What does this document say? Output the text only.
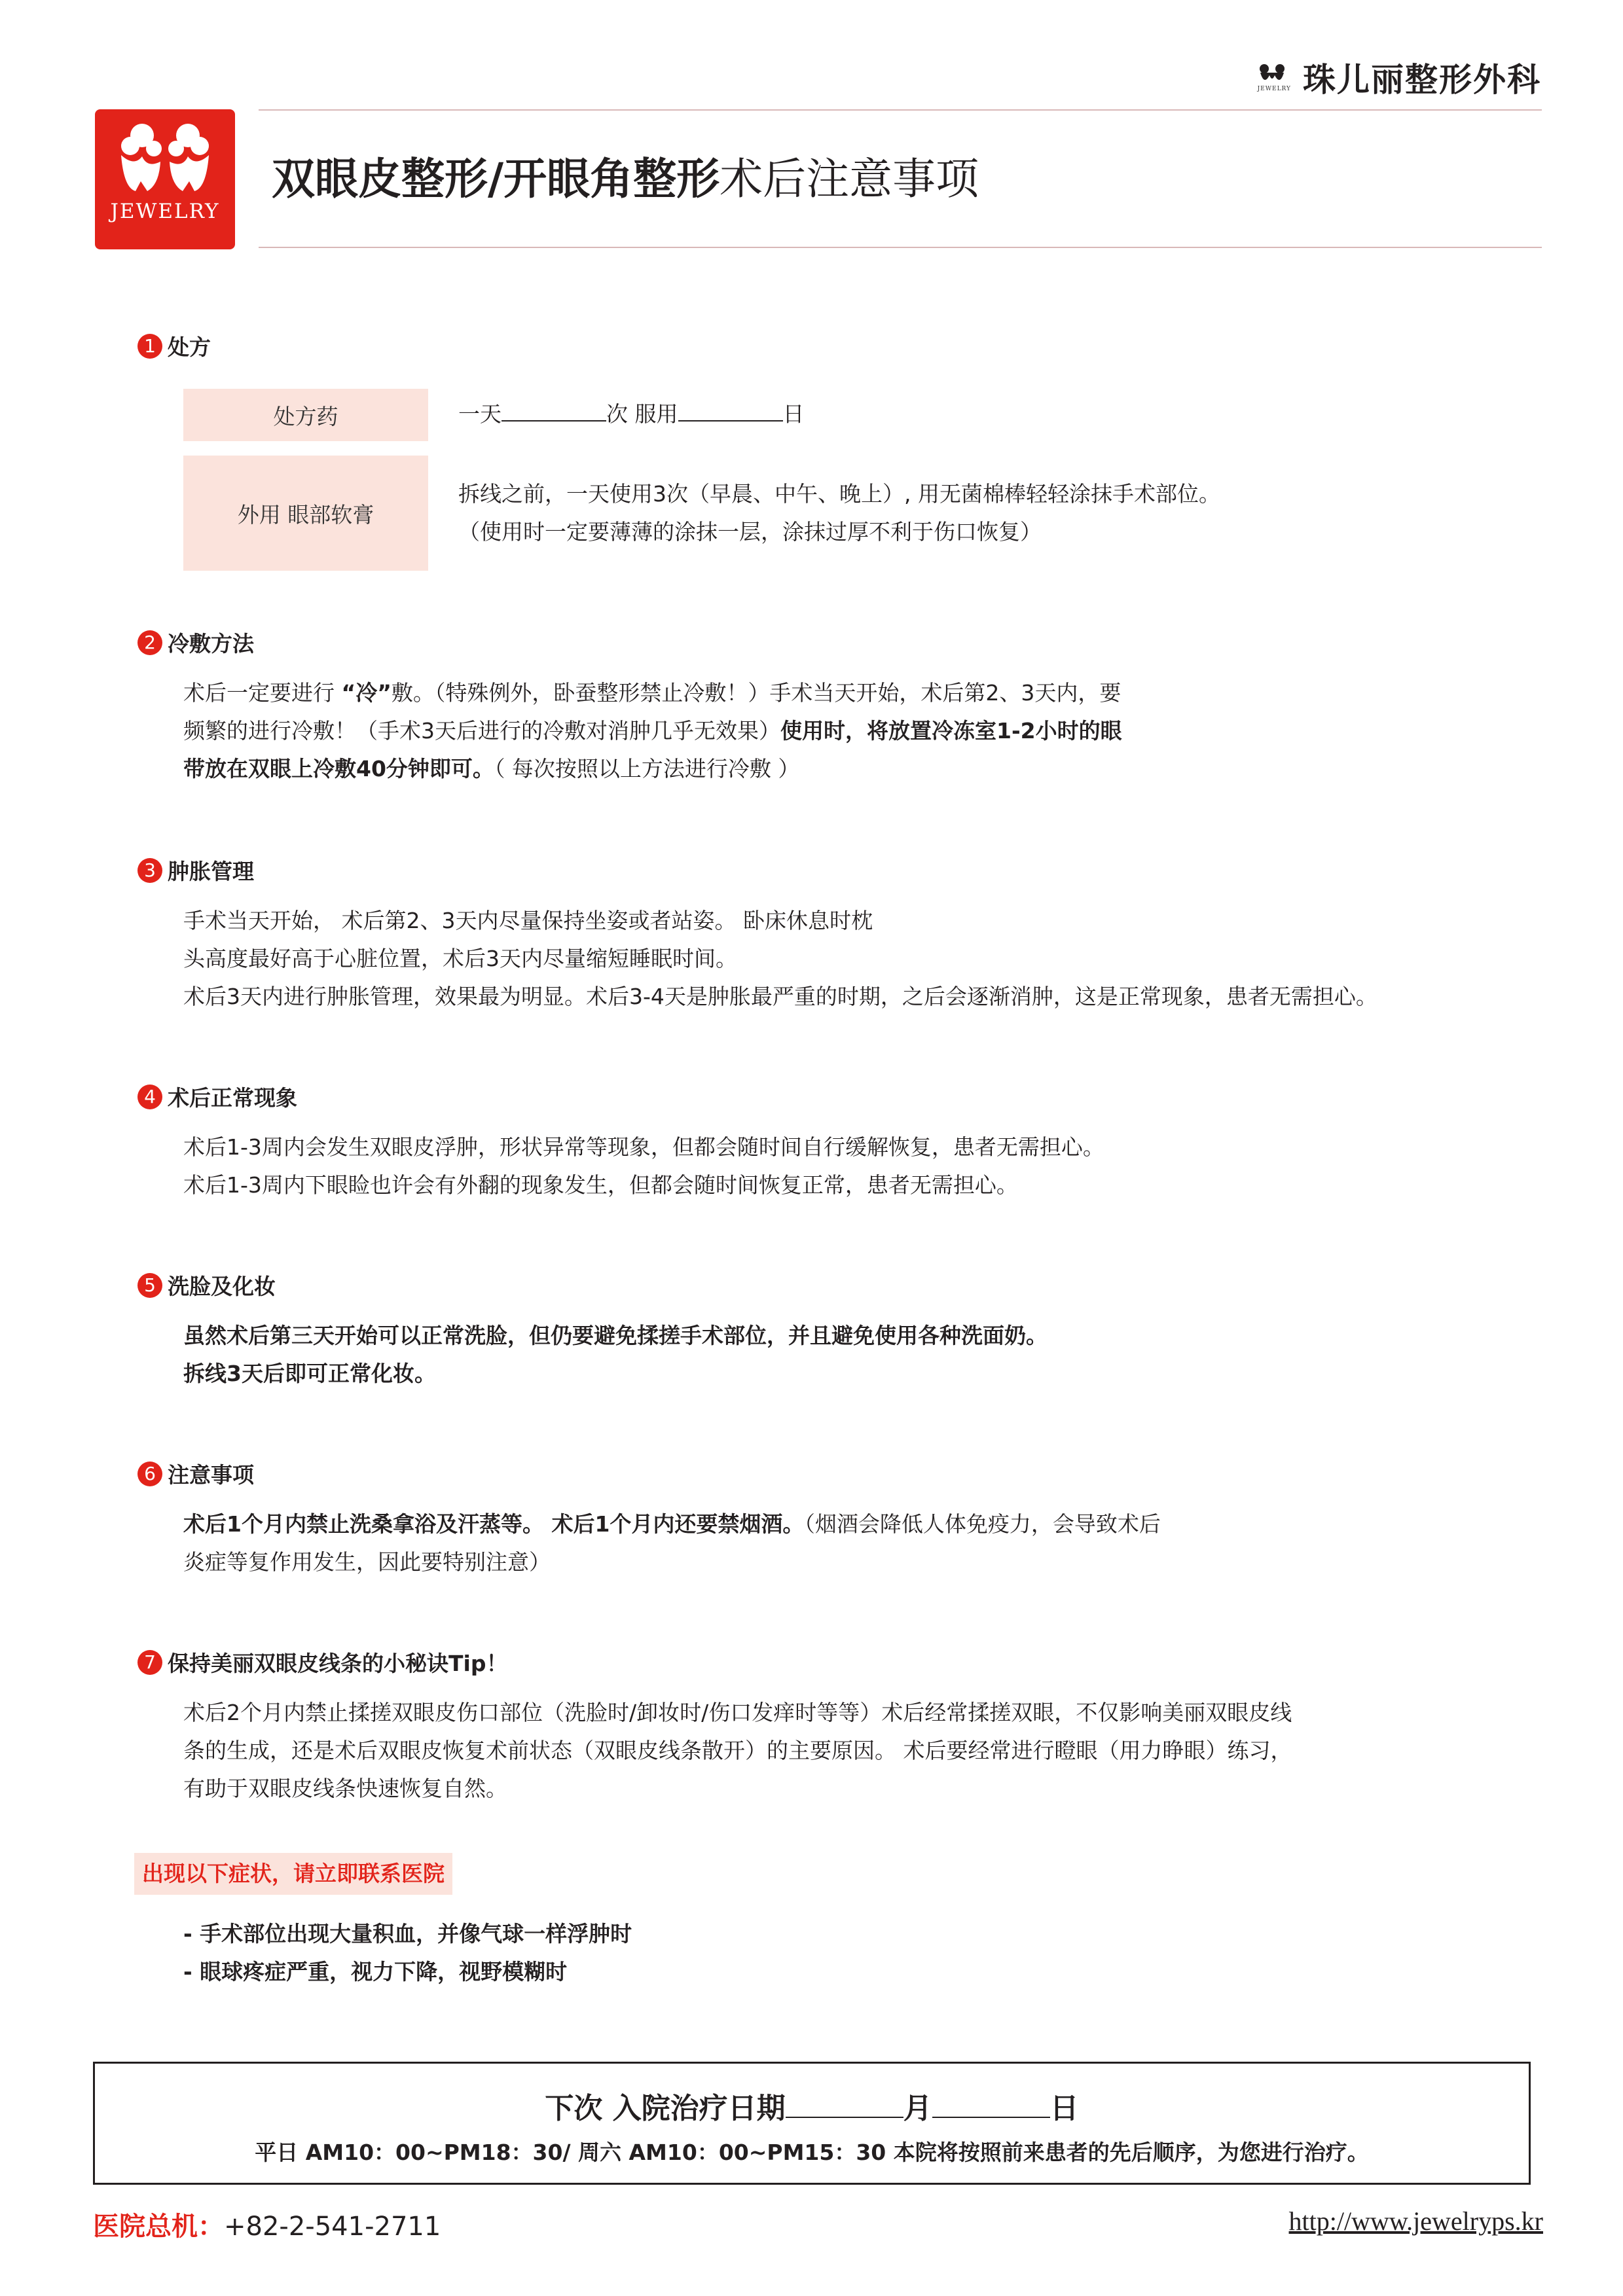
JEWELRY 珠儿丽整形外科
JEWELRY
双眼皮整形/开眼角整形术后注意事项
1 处方
处方药	一天	次 服用	日
外用 眼部软膏
拆线之前，一天使用3次（早晨、中午、晚上）, 用无菌棉棒轻轻涂抹手术部位。
（使用时一定要薄薄的涂抹一层，涂抹过厚不利于伤口恢复）
2 冷敷方法
术后一定要进行 “冷”敷。（特殊例外，卧蚕整形禁止冷敷！）手术当天开始，术后第2、3天内，要
频繁的进行冷敷！（手术3天后进行的冷敷对消肿几乎无效果）使用时，将放置冷冻室1-2小时的眼
带放在双眼上冷敷40分钟即可。（ 每次按照以上方法进行冷敷 ）
3 肿胀管理
手术当天开始， 术后第2、3天内尽量保持坐姿或者站姿。 卧床休息时枕
头高度最好高于心脏位置，术后3天内尽量缩短睡眠时间。
术后3天内进行肿胀管理，效果最为明显。术后3-4天是肿胀最严重的时期，之后会逐渐消肿，这是正常现象，患者无需担心。
4 术后正常现象
术后1-3周内会发生双眼皮浮肿，形状异常等现象，但都会随时间自行缓解恢复，患者无需担心。
术后1-3周内下眼睑也许会有外翻的现象发生，但都会随时间恢复正常，患者无需担心。
5 洗脸及化妆
虽然术后第三天开始可以正常洗脸，但仍要避免揉搓手术部位，并且避免使用各种洗面奶。
拆线3天后即可正常化妆。
6 注意事项
术后1个月内禁止洗桑拿浴及汗蒸等。 术后1个月内还要禁烟酒。（烟酒会降低人体免疫力，会导致术后
炎症等复作用发生，因此要特别注意）
7 保持美丽双眼皮线条的小秘诀Tip！
术后2个月内禁止揉搓双眼皮伤口部位（洗脸时/卸妆时/伤口发痒时等等）术后经常揉搓双眼，不仅影响美丽双眼皮线
条的生成，还是术后双眼皮恢复术前状态（双眼皮线条散开）的主要原因。 术后要经常进行瞪眼（用力睁眼）练习，
有助于双眼皮线条快速恢复自然。
出现以下症状，请立即联系医院
- 手术部位出现大量积血，并像气球一样浮肿时
- 眼球疼症严重，视力下降，视野模糊时
下次 入院治疗日期	月	日
平日 AM10：00~PM18：30/ 周六 AM10：00~PM15：30 本院将按照前来患者的先后顺序，为您进行治疗。
医院总机：+82-2-541-2711	http://www.jewelryps.kr
